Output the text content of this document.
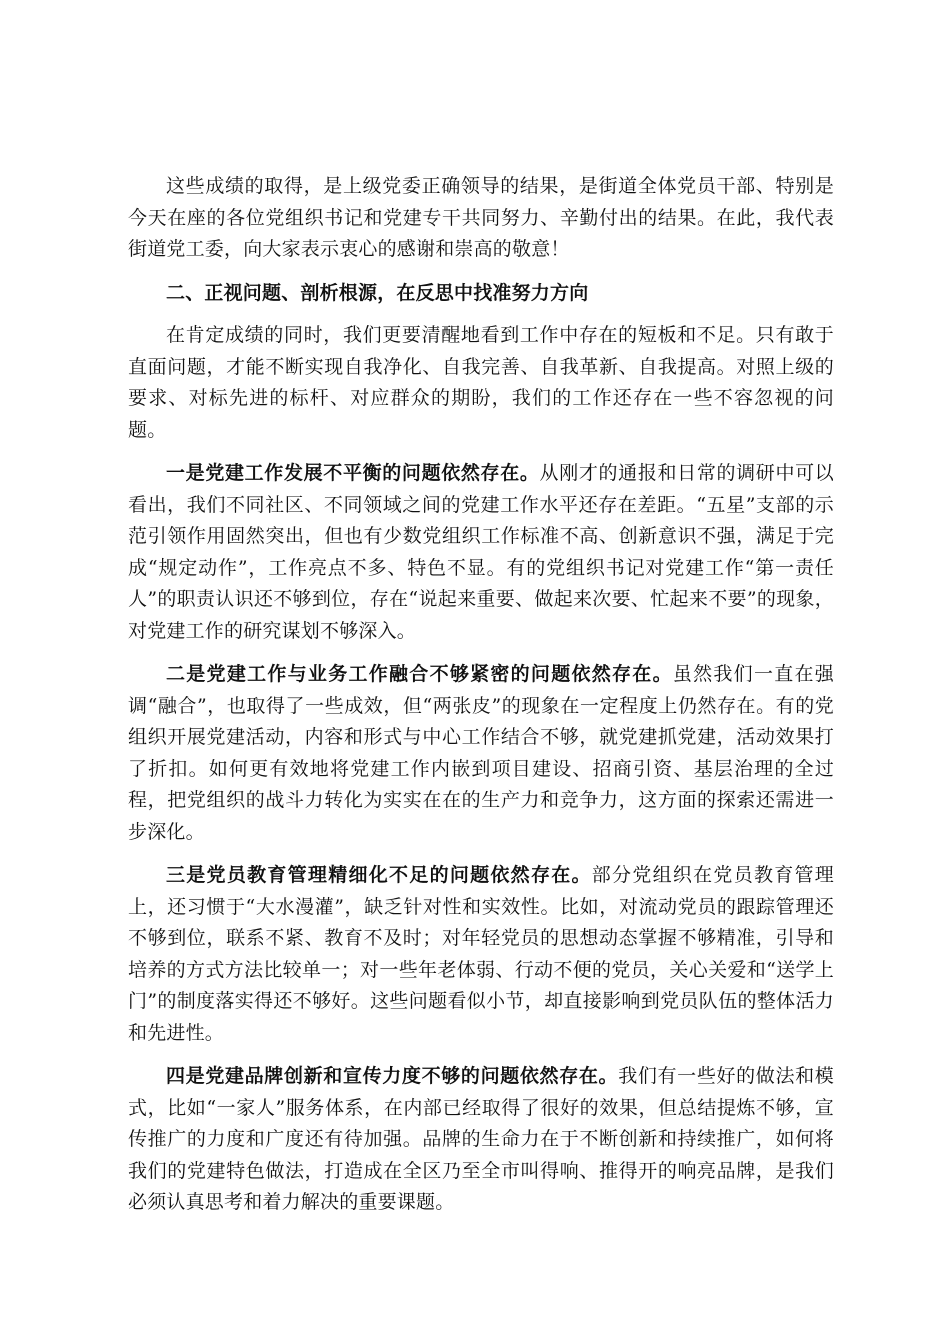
这些成绩的取得，是上级党委正确领导的结果，是街道全体党员干部、特别是今天在座的各位党组织书记和党建专干共同努力、辛勤付出的结果。在此，我代表街道党工委，向大家表示衷心的感谢和崇高的敬意！

二、正视问题、剖析根源，在反思中找准努力方向

在肯定成绩的同时，我们更要清醒地看到工作中存在的短板和不足。只有敢于直面问题，才能不断实现自我净化、自我完善、自我革新、自我提高。对照上级的要求、对标先进的标杆、对应群众的期盼，我们的工作还存在一些不容忽视的问题。

一是党建工作发展不平衡的问题依然存在。从刚才的通报和日常的调研中可以看出，我们不同社区、不同领域之间的党建工作水平还存在差距。“五星”支部的示范引领作用固然突出，但也有少数党组织工作标准不高、创新意识不强，满足于完成“规定动作”，工作亮点不多、特色不显。有的党组织书记对党建工作“第一责任人”的职责认识还不够到位，存在“说起来重要、做起来次要、忙起来不要”的现象，对党建工作的研究谋划不够深入。

二是党建工作与业务工作融合不够紧密的问题依然存在。虽然我们一直在强调“融合”，也取得了一些成效，但“两张皮”的现象在一定程度上仍然存在。有的党组织开展党建活动，内容和形式与中心工作结合不够，就党建抓党建，活动效果打了折扣。如何更有效地将党建工作内嵌到项目建设、招商引资、基层治理的全过程，把党组织的战斗力转化为实实在在的生产力和竞争力，这方面的探索还需进一步深化。

三是党员教育管理精细化不足的问题依然存在。部分党组织在党员教育管理上，还习惯于“大水漫灌”，缺乏针对性和实效性。比如，对流动党员的跟踪管理还不够到位，联系不紧、教育不及时；对年轻党员的思想动态掌握不够精准，引导和培养的方式方法比较单一；对一些年老体弱、行动不便的党员，关心关爱和“送学上门”的制度落实得还不够好。这些问题看似小节，却直接影响到党员队伍的整体活力和先进性。

四是党建品牌创新和宣传力度不够的问题依然存在。我们有一些好的做法和模式，比如“一家人”服务体系，在内部已经取得了很好的效果，但总结提炼不够，宣传推广的力度和广度还有待加强。品牌的生命力在于不断创新和持续推广，如何将我们的党建特色做法，打造成在全区乃至全市叫得响、推得开的响亮品牌，是我们必须认真思考和着力解决的重要课题。
